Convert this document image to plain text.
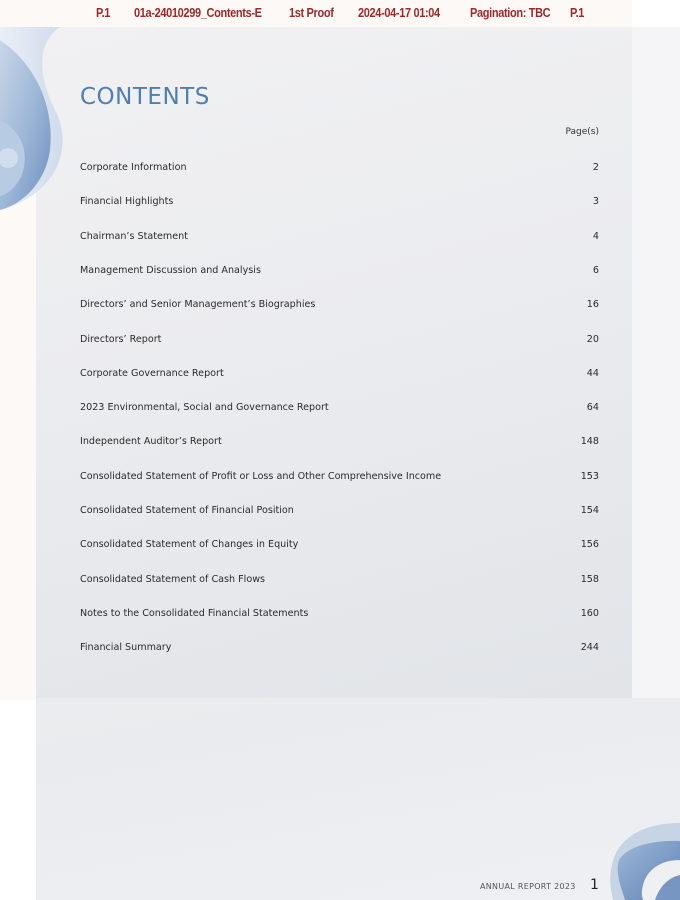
P.1 01a-24010299_Contents-E 1st Proof 2024-04-17 01:04 Pagination: TBC P.1
CONTENTS
Page(s)
Corporate Information	2
Financial Highlights	3
Chairman’s Statement	4
Management Discussion and Analysis	6
Directors’ and Senior Management’s Biographies	16
Directors’ Report	20
Corporate Governance Report	44
2023 Environmental, Social and Governance Report	64
Independent Auditor’s Report	148
Consolidated Statement of Profit or Loss and Other Comprehensive Income	153
Consolidated Statement of Financial Position	154
Consolidated Statement of Changes in Equity	156
Consolidated Statement of Cash Flows	158
Notes to the Consolidated Financial Statements	160
Financial Summary	244
ANNUAL REPORT 2023 1
